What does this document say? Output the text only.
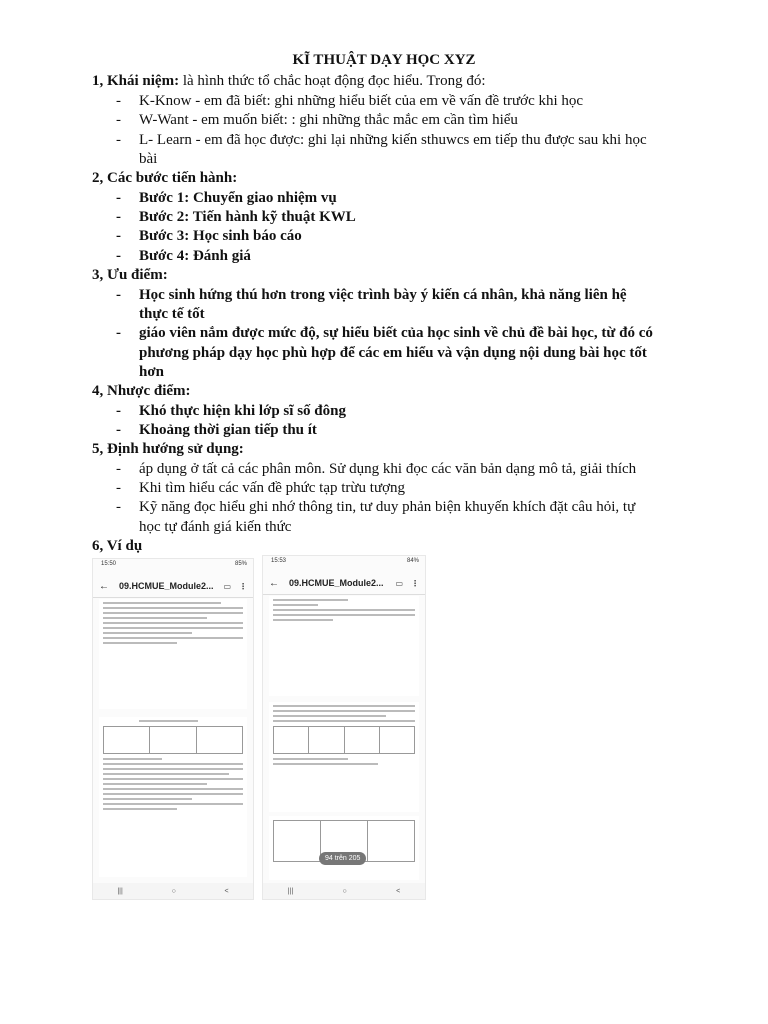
KĨ THUẬT DẠY HỌC XYZ
1, Khái niệm: là hình thức tổ chắc hoạt động đọc hiểu. Trong đó:
- K-Know - em đã biết: ghi những hiểu biết của em về vấn đề trước khi học
- W-Want - em muốn biết: : ghi những thắc mắc em cần tìm hiểu
- L- Learn - em đã học được: ghi lại những kiến sthuwcs em tiếp thu được sau khi học
bài
2, Các bước tiến hành:
- Bước 1: Chuyển giao nhiệm vụ
- Bước 2: Tiến hành kỹ thuật KWL
- Bước 3: Học sinh báo cáo
- Bước 4: Đánh giá
3, Ưu điểm:
- Học sinh hứng thú hơn trong việc trình bày ý kiến cá nhân, khả năng liên hệ
thực tế tốt
- giáo viên nắm được mức độ, sự hiểu biết của học sinh về chủ đề bài học, từ đó có
phương pháp dạy học phù hợp để các em hiểu và vận dụng nội dung bài học tốt
hơn
4, Nhược điểm:
- Khó thực hiện khi lớp sĩ số đông
- Khoảng thời gian tiếp thu ít
5, Định hướng sử dụng:
- áp dụng ở tất cả các phân môn. Sử dụng khi đọc các văn bản dạng mô tả, giải thích
- Khi tìm hiểu các vấn đề phức tạp trừu tượng
- Kỹ năng đọc hiểu ghi nhớ thông tin, tư duy phản biện khuyến khích đặt câu hỏi, tự
học tự đánh giá kiến thức
6, Ví dụ
15:50	85%
← 09.HCMUE_Module2... ▭ ⋮
|||	○	<
15:53	84%
← 09.HCMUE_Module2...	▭ ⋮
94 trên 205
|||	○	<
